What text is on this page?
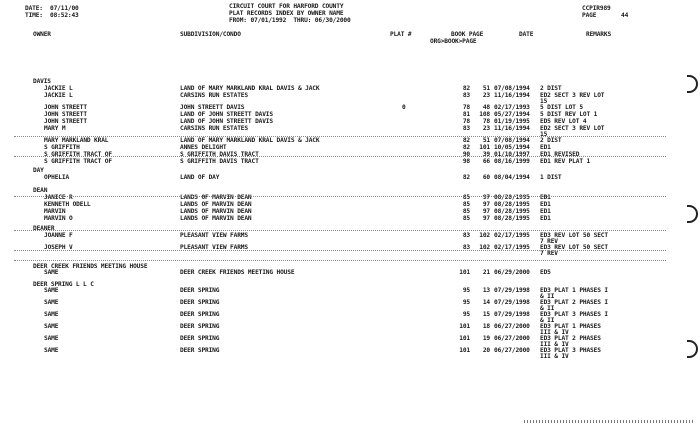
DATE:  07/11/00
TIME:  08:52:43
CIRCUIT COURT FOR HARFORD COUNTY
PLAT RECORDS INDEX BY OWNER NAME
FROM: 07/01/1992  THRU: 06/30/2000
CCPIR989
PAGE	44
OWNER	SUBDIVISION/CONDO	PLAT #	BOOK PAGE
ORG>BOOK>PAGE
DATE	REMARKS
DAVIS
JACKIE L	LAND OF MARY MARKLAND KRAL DAVIS & JACK	82	51 07/08/1994 2 DIST
JACKIE L	CARSINS RUN ESTATES	83	23 11/16/1994 ED2 SECT 3 REV LOT
15
JOHN STREETT	JOHN STREETT DAVIS	0	78	48 02/17/1993 5 DIST LOT 5
JOHN STREETT	LAND OF JOHN STREETT DAVIS	81	108 05/27/1994 5 DIST REV LOT 1
JOHN STREETT	LAND OF JOHN STREETT DAVIS	78	78 01/19/1995 ED5 REV LOT 4
MARY M	CARSINS RUN ESTATES	83	23 11/16/1994 ED2 SECT 3 REV LOT
15
MARY MARKLAND KRAL	LAND OF MARY MARKLAND KRAL DAVIS & JACK	82	51 07/08/1994 2 DIST
S GRIFFITH	ANNES DELIGHT	82	101 10/05/1994 ED1
S GRIFFITH TRACT OF	S GRIFFITH DAVIS TRACT	90	39 01/10/1997 ED1 REVISED
S GRIFFITH TRACT OF	S GRIFFITH DAVIS TRACT	98	66 08/16/1999 ED1 REV PLAT 1
DAY
OPHELIA	LAND OF DAY	82	60 08/04/1994 1 DIST
DEAN
JANICE R	LANDS OF MARVIN DEAN	85	97 08/28/1995 ED1
KENNETH ODELL	LANDS OF MARVIN DEAN	85	97 08/28/1995 ED1
MARVIN	LANDS OF MARVIN DEAN	85	97 08/28/1995 ED1
MARVIN O	LANDS OF MARVIN DEAN	85	97 08/28/1995 ED1
DEANER
JOANNE F	PLEASANT VIEW FARMS	83	102 02/17/1995 ED3 REV LOT 50 SECT
7 REV
JOSEPH V	PLEASANT VIEW FARMS	83	102 02/17/1995 ED3 REV LOT 50 SECT
7 REV
DEER CREEK FRIENDS MEETING HOUSE
SAME	DEER CREEK FRIENDS MEETING HOUSE	101	21 06/29/2000 ED5
DEER SPRING L L C
SAME	DEER SPRING	95	13 07/29/1998 ED3 PLAT 1 PHASES I
& II
SAME	DEER SPRING	95	14 07/29/1998 ED3 PLAT 2 PHASES I
& II
SAME	DEER SPRING	95	15 07/29/1998 ED3 PLAT 3 PHASES I
& II
SAME	DEER SPRING	101	18 06/27/2000 ED3 PLAT 1 PHASES
III & IV
SAME	DEER SPRING	101	19 06/27/2000 ED3 PLAT 2 PHASES
III & IV
SAME	DEER SPRING	101	20 06/27/2000 ED3 PLAT 3 PHASES
III & IV
